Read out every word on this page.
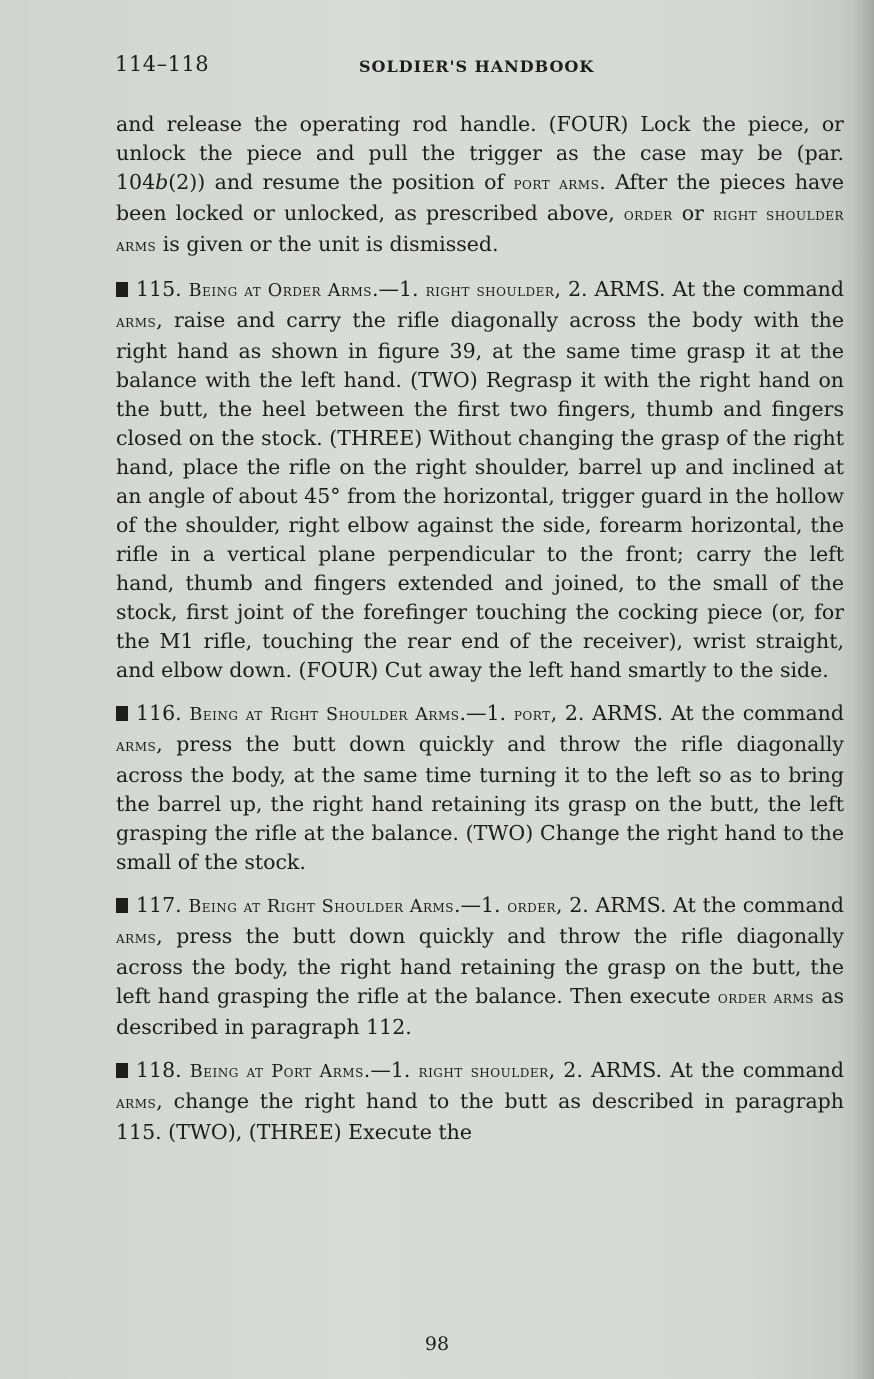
114–118	SOLDIER'S HANDBOOK

and release the operating rod handle. (FOUR) Lock the piece, or unlock the piece and pull the trigger as the case may be (par. 104b(2)) and resume the position of port arms. After the pieces have been locked or unlocked, as prescribed above, order or right shoulder arms is given or the unit is dismissed.

115. Being at Order Arms.—1. right shoulder, 2. ARMS. At the command arms, raise and carry the rifle diagonally across the body with the right hand as shown in figure 39, at the same time grasp it at the balance with the left hand. (TWO) Regrasp it with the right hand on the butt, the heel between the first two fingers, thumb and fingers closed on the stock. (THREE) Without changing the grasp of the right hand, place the rifle on the right shoulder, barrel up and inclined at an angle of about 45° from the horizontal, trigger guard in the hollow of the shoulder, right elbow against the side, forearm horizontal, the rifle in a vertical plane perpendicular to the front; carry the left hand, thumb and fingers extended and joined, to the small of the stock, first joint of the forefinger touching the cocking piece (or, for the M1 rifle, touching the rear end of the receiver), wrist straight, and elbow down. (FOUR) Cut away the left hand smartly to the side.

116. Being at Right Shoulder Arms.—1. port, 2. ARMS. At the command arms, press the butt down quickly and throw the rifle diagonally across the body, at the same time turning it to the left so as to bring the barrel up, the right hand retaining its grasp on the butt, the left grasping the rifle at the balance. (TWO) Change the right hand to the small of the stock.

117. Being at Right Shoulder Arms.—1. order, 2. ARMS. At the command arms, press the butt down quickly and throw the rifle diagonally across the body, the right hand retaining the grasp on the butt, the left hand grasping the rifle at the balance. Then execute order arms as described in paragraph 112.

118. Being at Port Arms.—1. right shoulder, 2. ARMS. At the command arms, change the right hand to the butt as described in paragraph 115. (TWO), (THREE) Execute the

98
